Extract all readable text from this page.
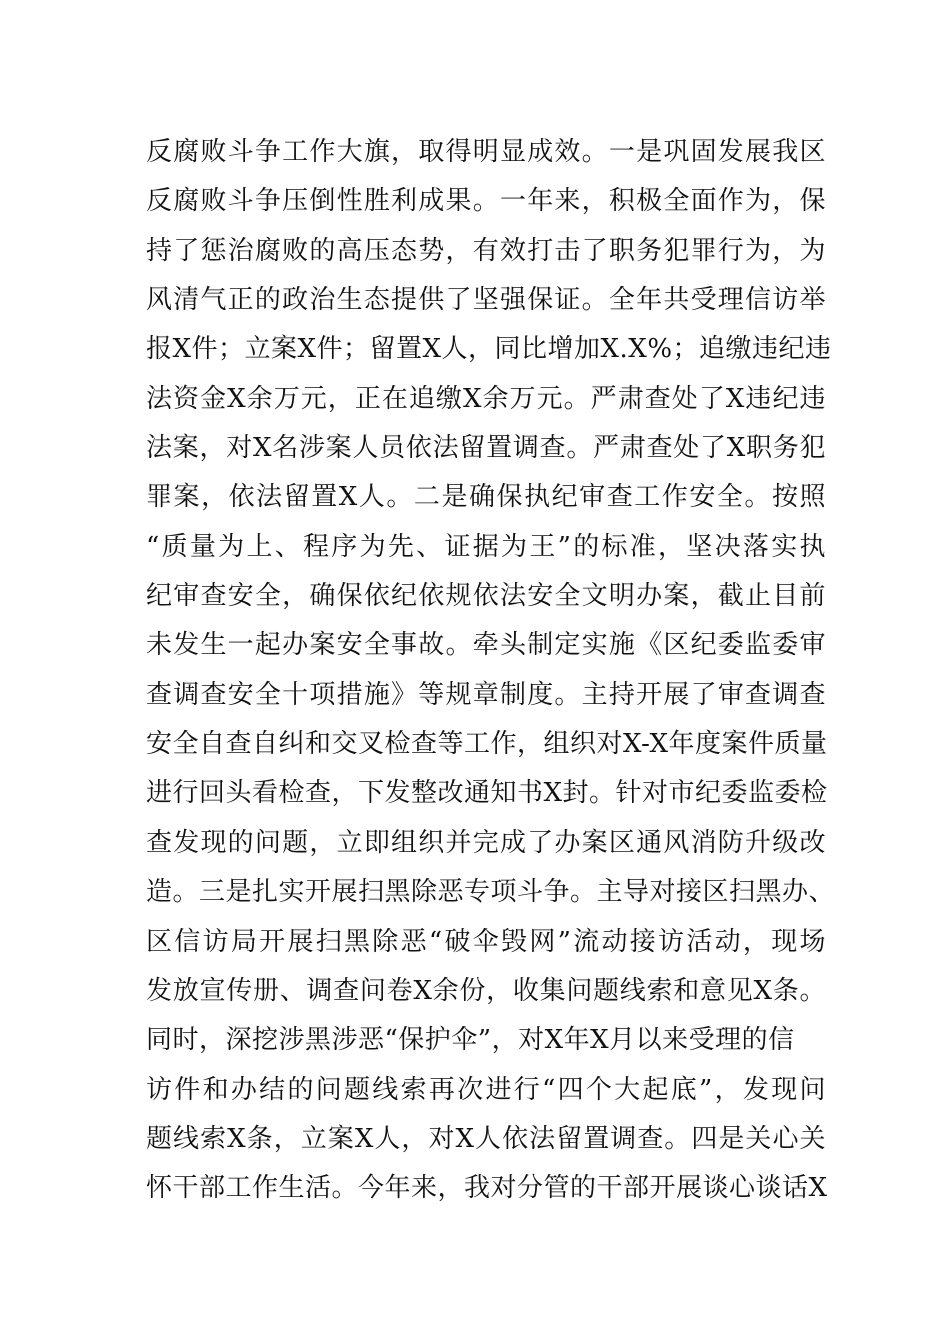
反腐败斗争工作大旗，取得明显成效。一是巩固发展我区
反腐败斗争压倒性胜利成果。一年来，积极全面作为，保
持了惩治腐败的高压态势，有效打击了职务犯罪行为，为
风清气正的政治生态提供了坚强保证。全年共受理信访举
报X件；立案X件；留置X人，同比增加X.X%；追缴违纪违
法资金X余万元，正在追缴X余万元。严肃查处了X违纪违
法案，对X名涉案人员依法留置调查。严肃查处了X职务犯
罪案，依法留置X人。二是确保执纪审查工作安全。按照
“质量为上、程序为先、证据为王”的标准，坚决落实执
纪审查安全，确保依纪依规依法安全文明办案，截止目前
未发生一起办案安全事故。牵头制定实施《区纪委监委审
查调查安全十项措施》等规章制度。主持开展了审查调查
安全自查自纠和交叉检查等工作，组织对X-X年度案件质量
进行回头看检查，下发整改通知书X封。针对市纪委监委检
查发现的问题，立即组织并完成了办案区通风消防升级改
造。三是扎实开展扫黑除恶专项斗争。主导对接区扫黑办、
区信访局开展扫黑除恶“破伞毁网”流动接访活动，现场
发放宣传册、调查问卷X余份，收集问题线索和意见X条。
同时，深挖涉黑涉恶“保护伞”，对X年X月以来受理的信
访件和办结的问题线索再次进行“四个大起底”，发现问
题线索X条，立案X人，对X人依法留置调查。四是关心关
怀干部工作生活。今年来，我对分管的干部开展谈心谈话X
